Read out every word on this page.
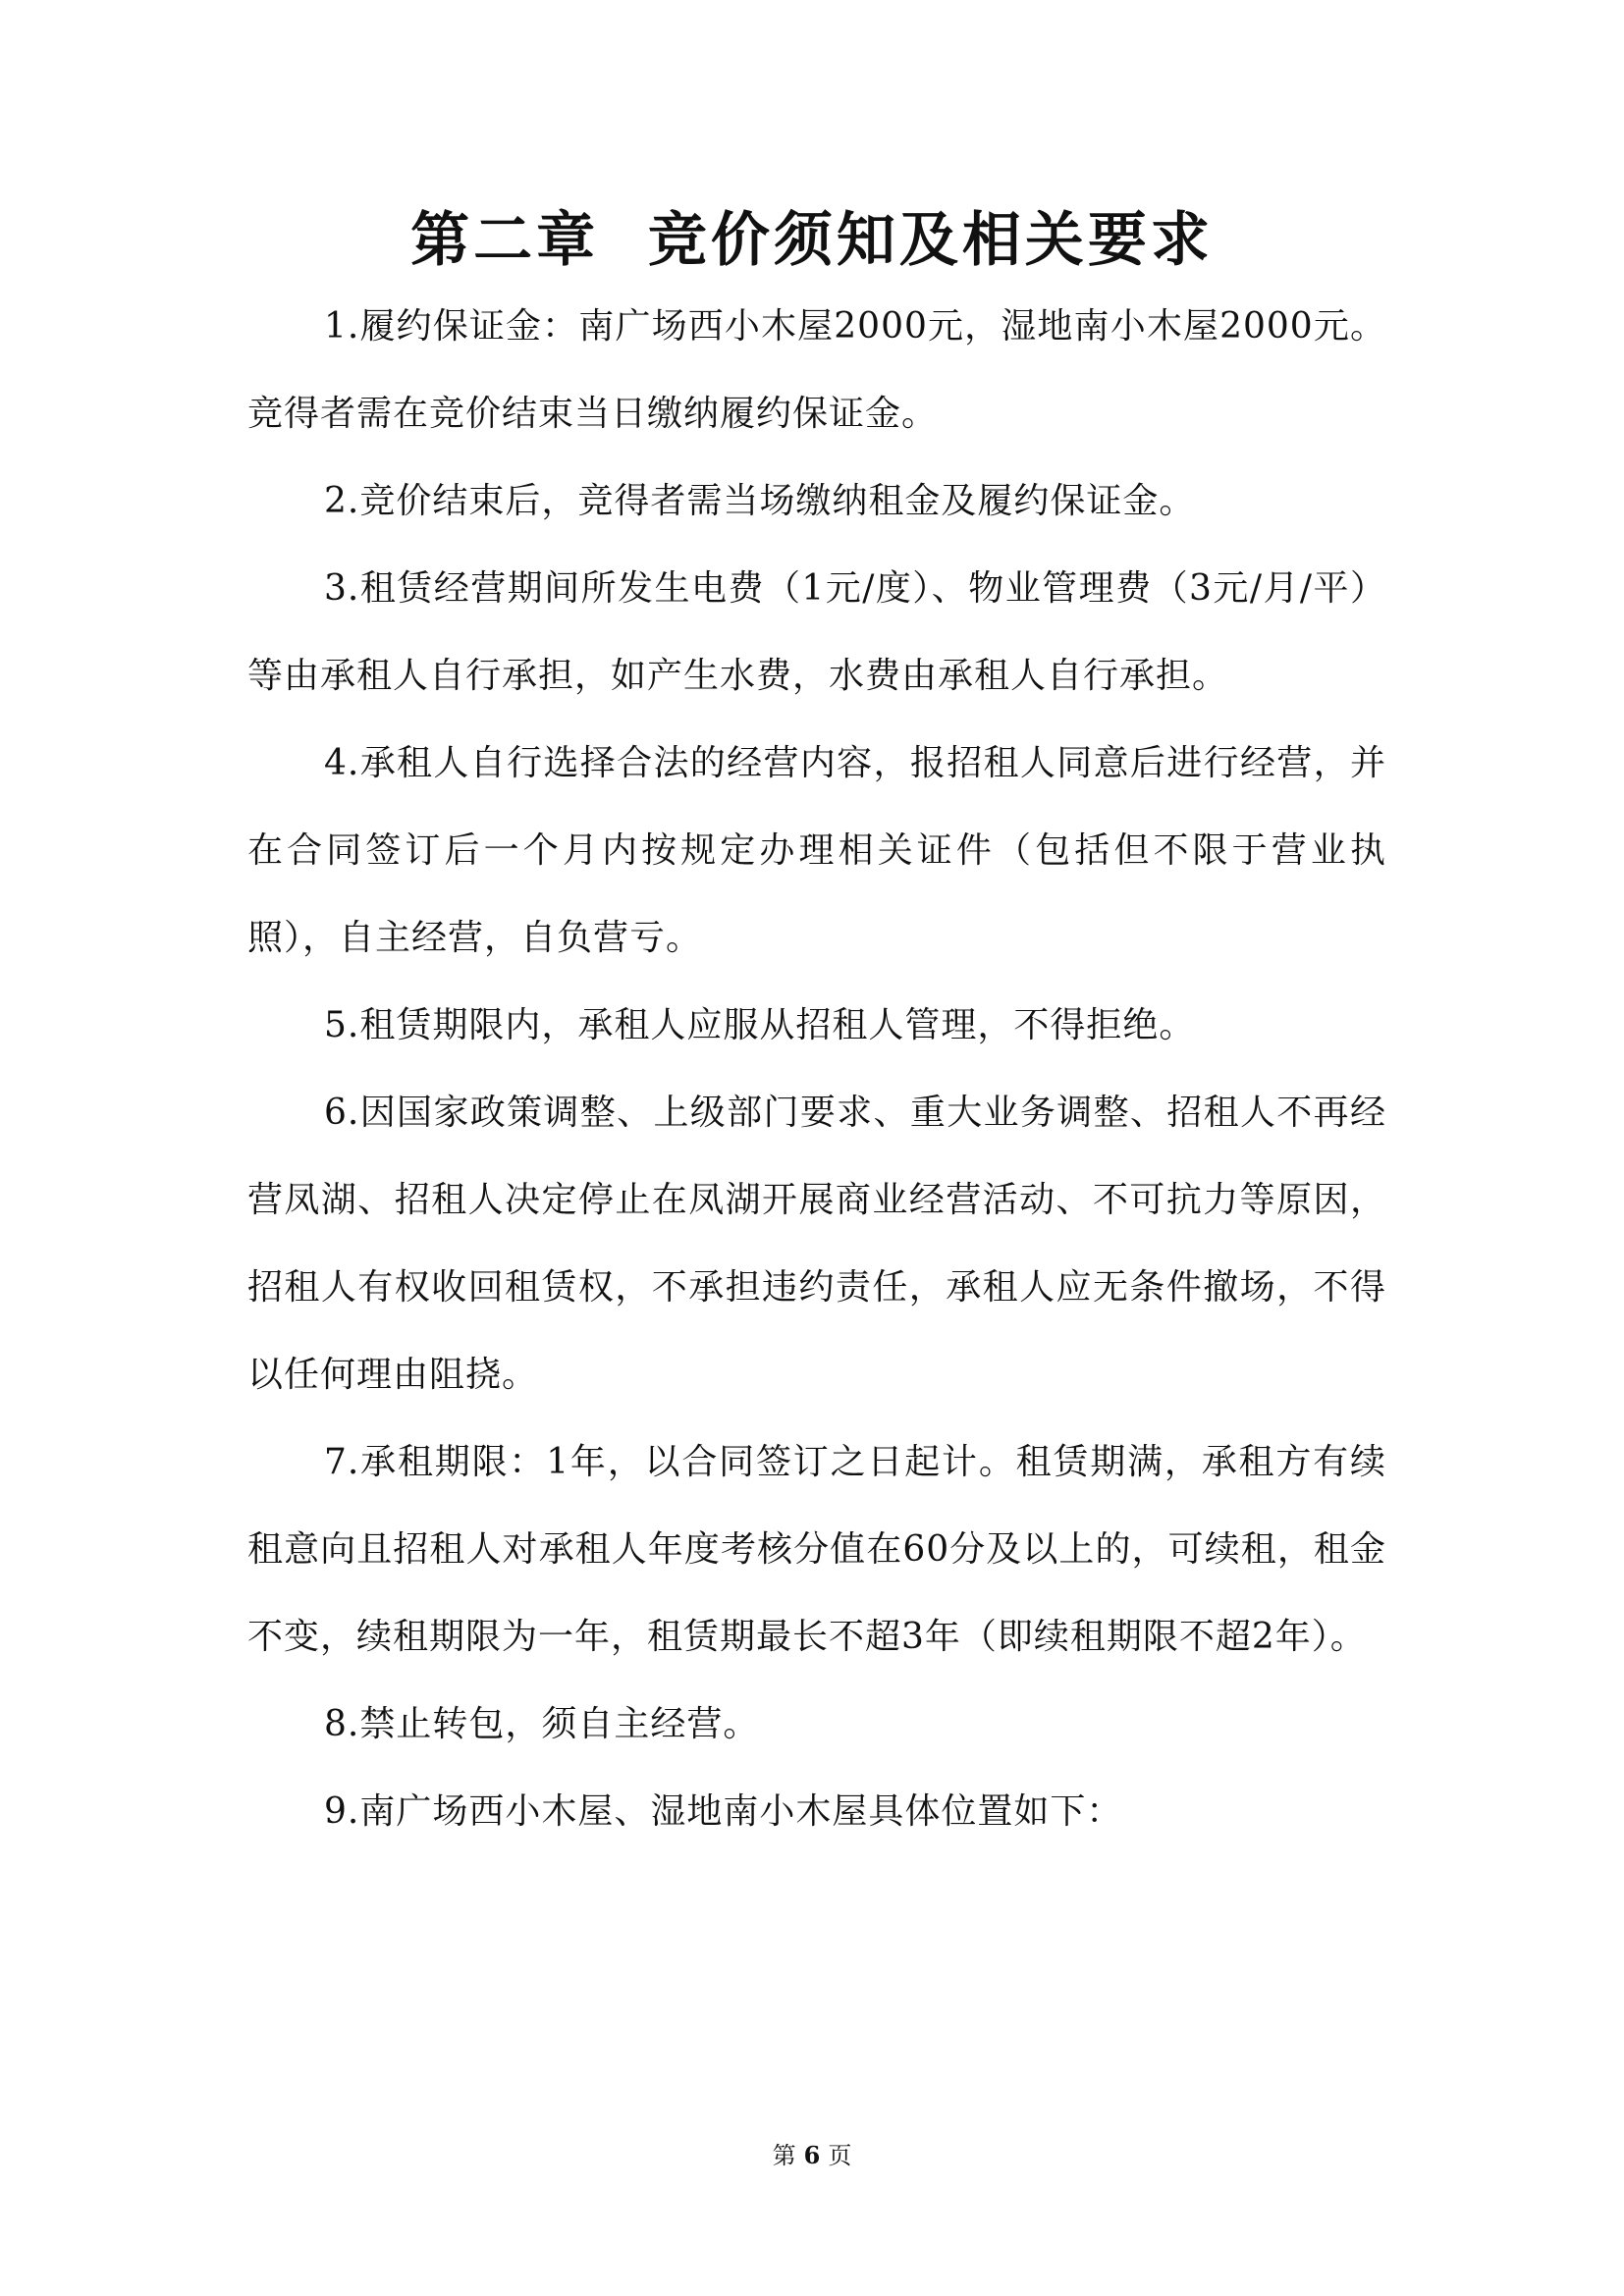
第二章  竞价须知及相关要求

1.履约保证金：南广场西小木屋2000元，湿地南小木屋2000元。竞得者需在竞价结束当日缴纳履约保证金。

2.竞价结束后，竞得者需当场缴纳租金及履约保证金。

3.租赁经营期间所发生电费（1元/度）、物业管理费（3元/月/平）等由承租人自行承担，如产生水费，水费由承租人自行承担。

4.承租人自行选择合法的经营内容，报招租人同意后进行经营，并在合同签订后一个月内按规定办理相关证件（包括但不限于营业执照），自主经营，自负营亏。

5.租赁期限内，承租人应服从招租人管理，不得拒绝。

6.因国家政策调整、上级部门要求、重大业务调整、招租人不再经营凤湖、招租人决定停止在凤湖开展商业经营活动、不可抗力等原因，招租人有权收回租赁权，不承担违约责任，承租人应无条件撤场，不得以任何理由阻挠。

7.承租期限：1年，以合同签订之日起计。租赁期满，承租方有续租意向且招租人对承租人年度考核分值在60分及以上的，可续租，租金不变，续租期限为一年，租赁期最长不超3年（即续租期限不超2年）。

8.禁止转包，须自主经营。

9.南广场西小木屋、湿地南小木屋具体位置如下：

第 6 页
